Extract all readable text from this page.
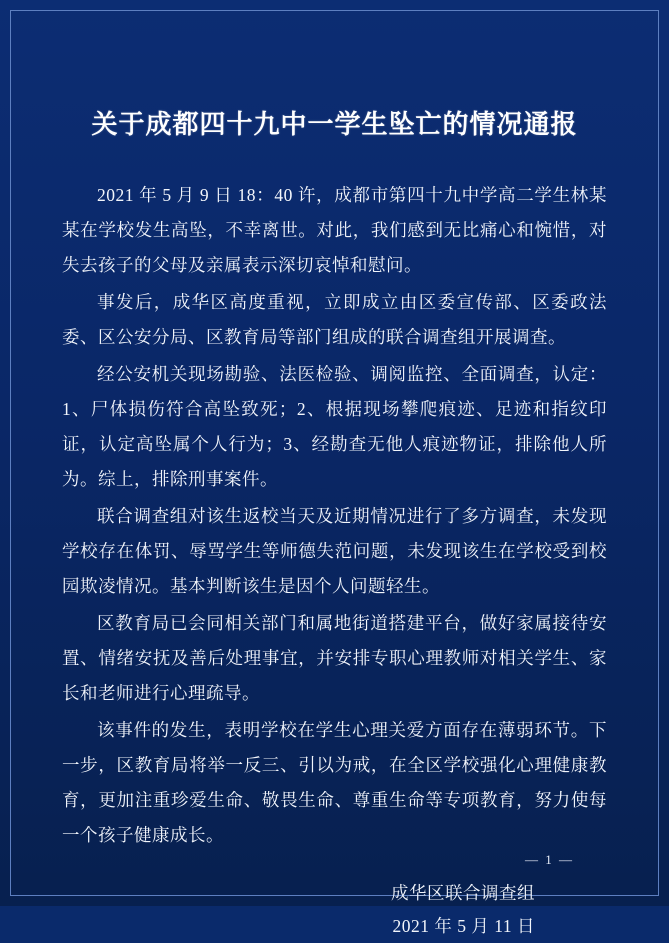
关于成都四十九中一学生坠亡的情况通报

2021 年 5 月 9 日 18：40 许，成都市第四十九中学高二学生林某某在学校发生高坠，不幸离世。对此，我们感到无比痛心和惋惜，对失去孩子的父母及亲属表示深切哀悼和慰问。

事发后，成华区高度重视，立即成立由区委宣传部、区委政法委、区公安分局、区教育局等部门组成的联合调查组开展调查。

经公安机关现场勘验、法医检验、调阅监控、全面调查，认定：1、尸体损伤符合高坠致死；2、根据现场攀爬痕迹、足迹和指纹印证，认定高坠属个人行为；3、经勘查无他人痕迹物证，排除他人所为。综上，排除刑事案件。

联合调查组对该生返校当天及近期情况进行了多方调查，未发现学校存在体罚、辱骂学生等师德失范问题，未发现该生在学校受到校园欺凌情况。基本判断该生是因个人问题轻生。

区教育局已会同相关部门和属地街道搭建平台，做好家属接待安置、情绪安抚及善后处理事宜，并安排专职心理教师对相关学生、家长和老师进行心理疏导。

该事件的发生，表明学校在学生心理关爱方面存在薄弱环节。下一步，区教育局将举一反三、引以为戒，在全区学校强化心理健康教育，更加注重珍爱生命、敬畏生命、尊重生命等专项教育，努力使每一个孩子健康成长。

成华区联合调查组
2021 年 5 月 11 日
— 1 —
